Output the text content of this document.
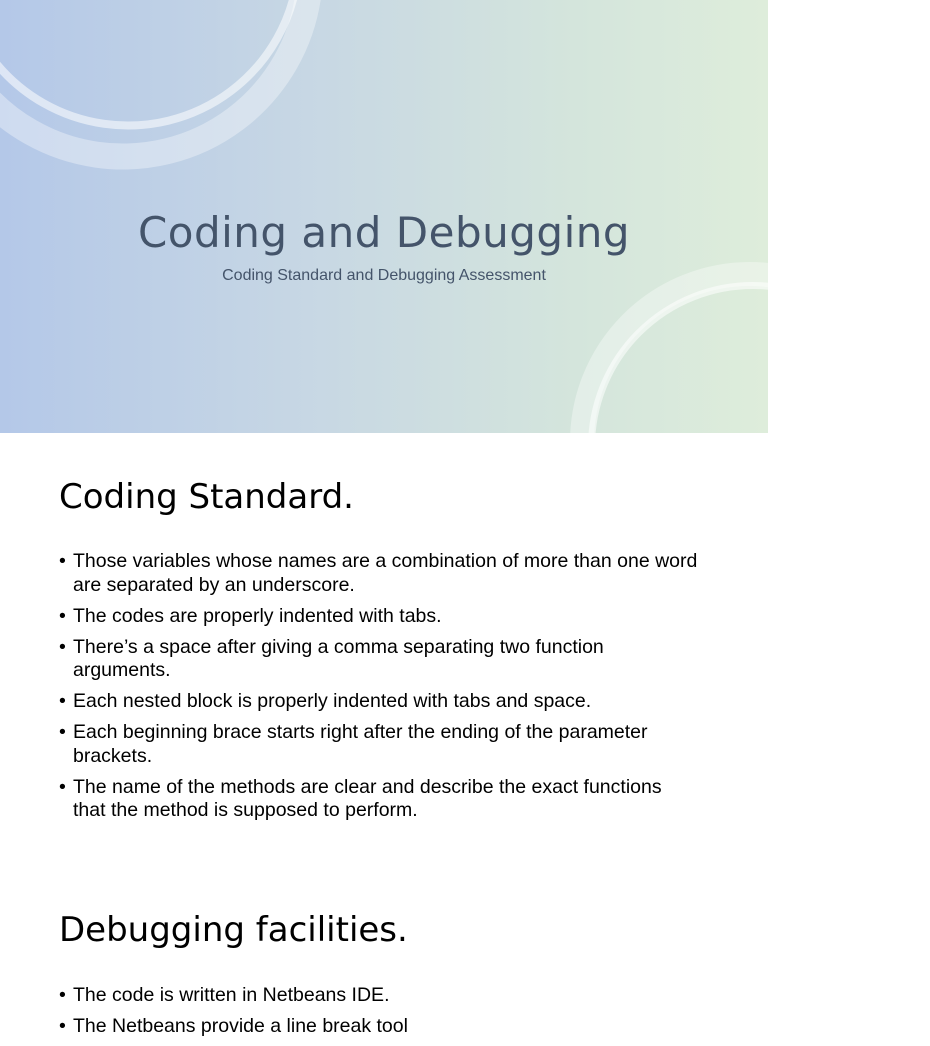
Coding and Debugging
Coding Standard and Debugging Assessment
Coding Standard.
• Those variables whose names are a combination of more than one word are separated by an underscore.
• The codes are properly indented with tabs.
• There’s a space after giving a comma separating two function arguments.
• Each nested block is properly indented with tabs and space.
• Each beginning brace starts right after the ending of the parameter brackets.
• The name of the methods are clear and describe the exact functions that the method is supposed to perform.
Debugging facilities.
• The code is written in Netbeans IDE.
• The Netbeans provide a line break tool
